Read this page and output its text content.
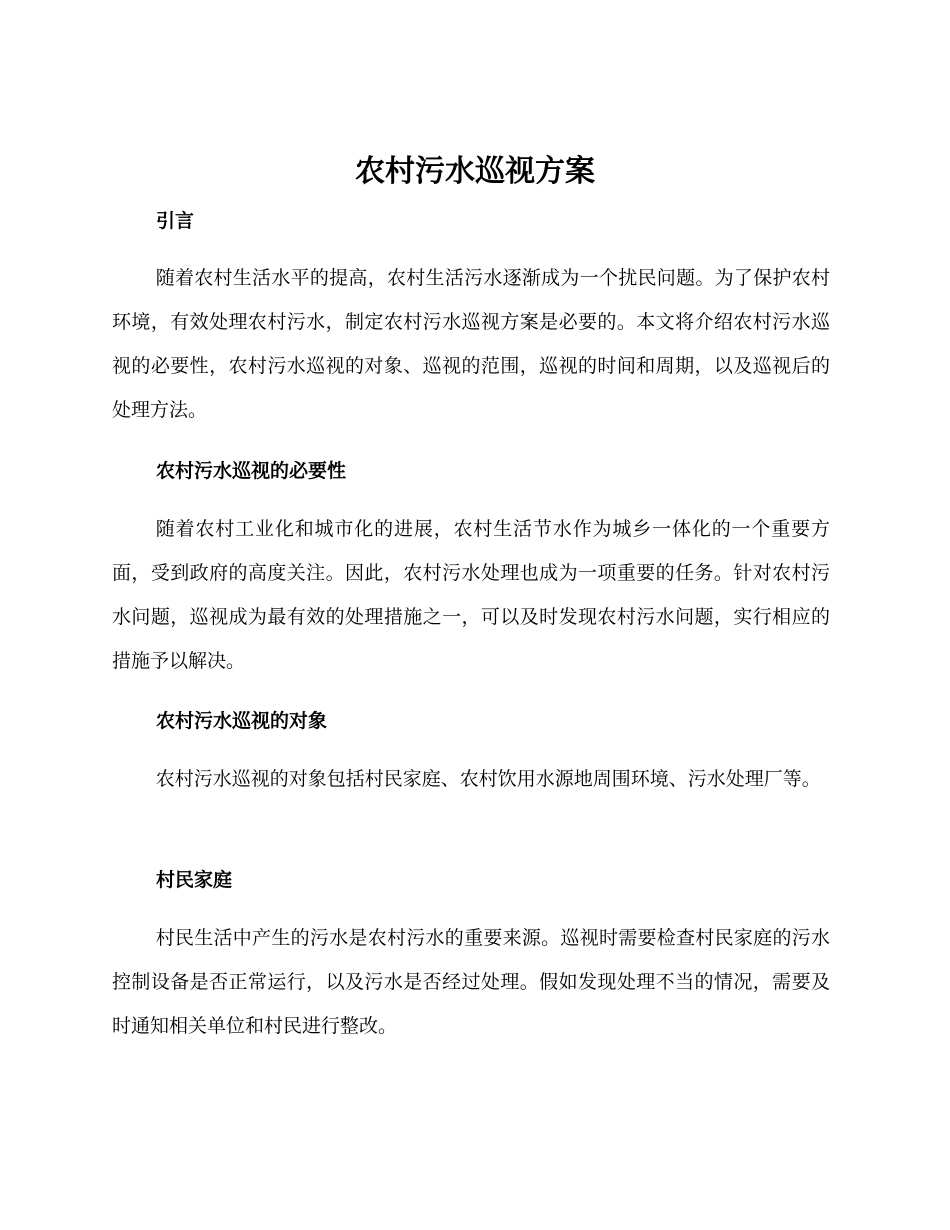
农村污水巡视方案
引言

随着农村生活水平的提高，农村生活污水逐渐成为一个扰民问题。为了保护农村环境，有效处理农村污水，制定农村污水巡视方案是必要的。本文将介绍农村污水巡视的必要性，农村污水巡视的对象、巡视的范围，巡视的时间和周期，以及巡视后的处理方法。

农村污水巡视的必要性

随着农村工业化和城市化的进展，农村生活节水作为城乡一体化的一个重要方面，受到政府的高度关注。因此，农村污水处理也成为一项重要的任务。针对农村污水问题，巡视成为最有效的处理措施之一，可以及时发现农村污水问题，实行相应的措施予以解决。

农村污水巡视的对象

农村污水巡视的对象包括村民家庭、农村饮用水源地周围环境、污水处理厂等。

村民家庭

村民生活中产生的污水是农村污水的重要来源。巡视时需要检查村民家庭的污水控制设备是否正常运行，以及污水是否经过处理。假如发现处理不当的情况，需要及时通知相关单位和村民进行整改。
